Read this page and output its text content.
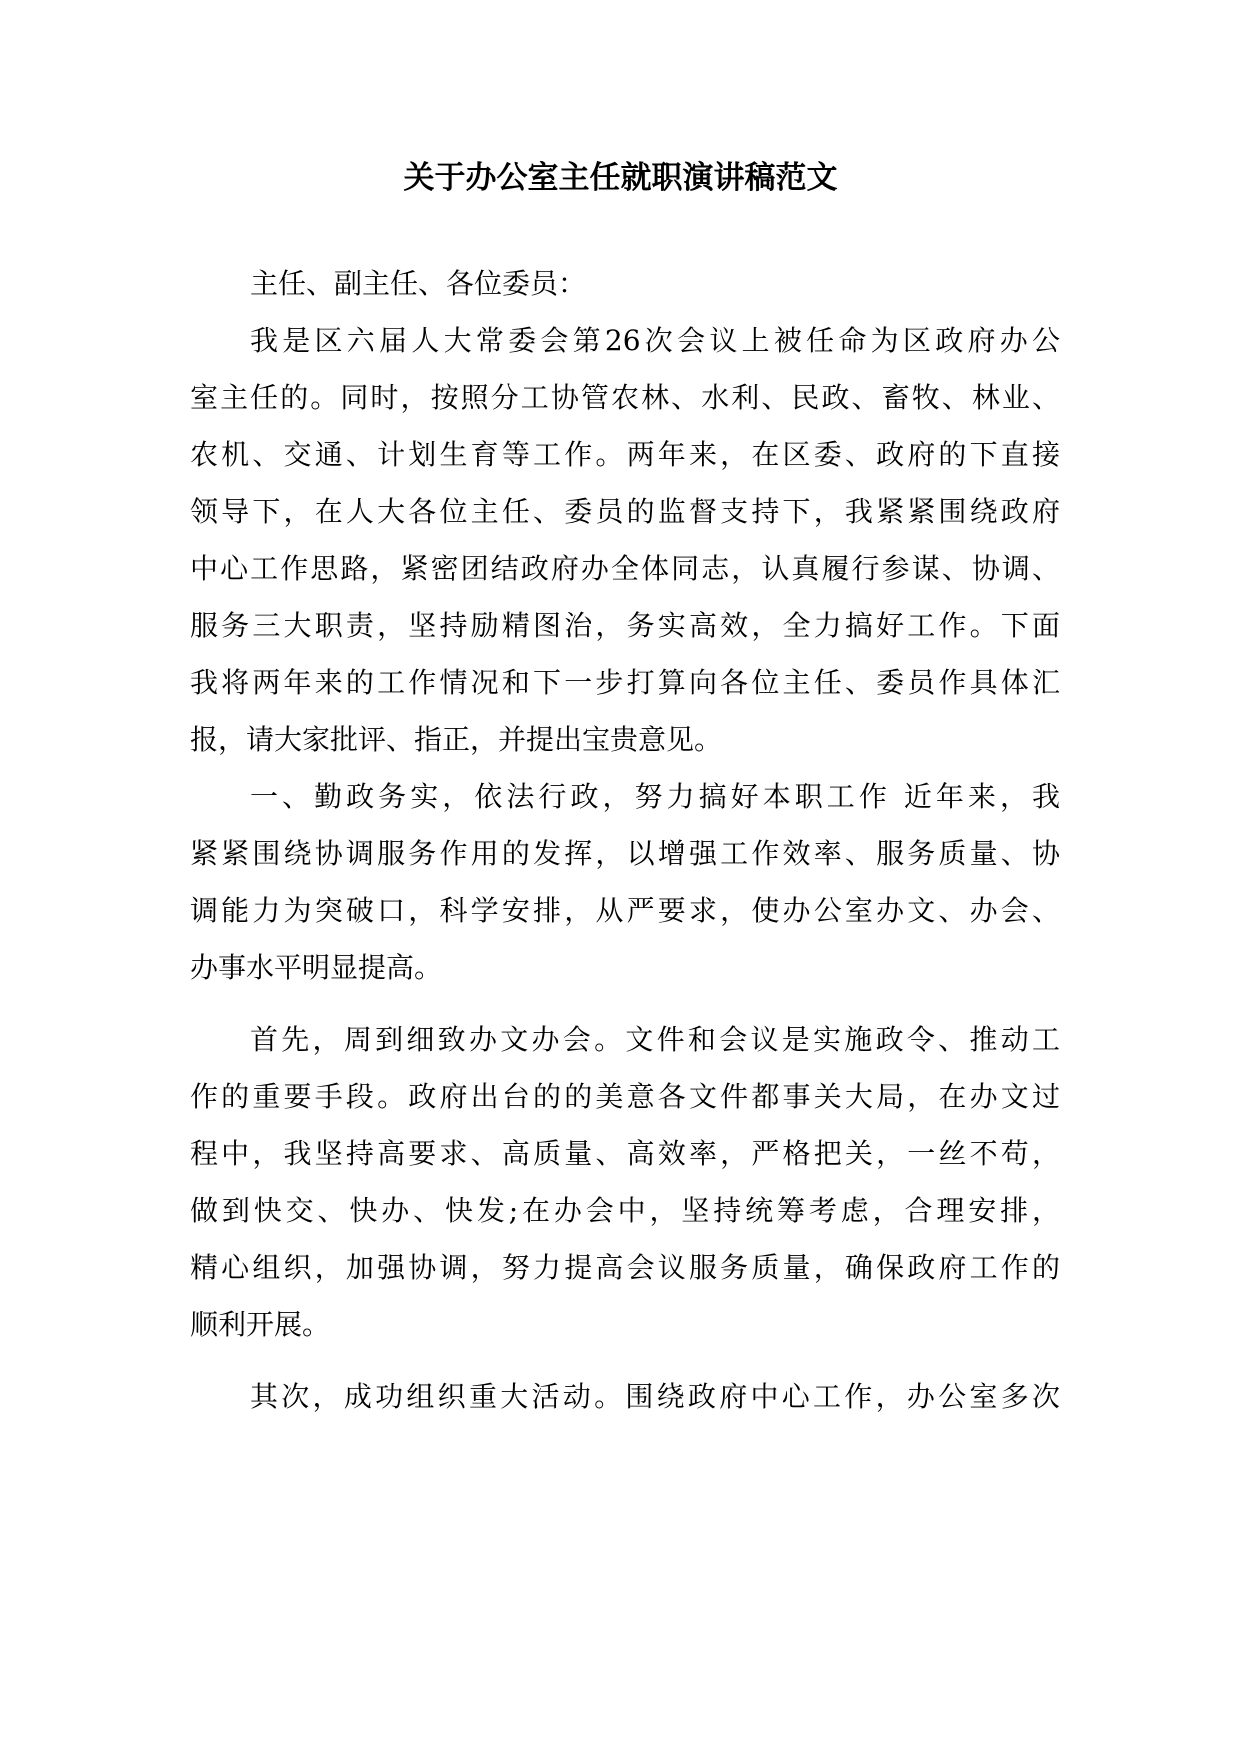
关于办公室主任就职演讲稿范文

主任、副主任、各位委员：

我是区六届人大常委会第26次会议上被任命为区政府办公

室主任的。同时，按照分工协管农林、水利、民政、畜牧、林业、

农机、交通、计划生育等工作。两年来，在区委、政府的下直接

领导下，在人大各位主任、委员的监督支持下，我紧紧围绕政府

中心工作思路，紧密团结政府办全体同志，认真履行参谋、协调、

服务三大职责，坚持励精图治，务实高效，全力搞好工作。下面

我将两年来的工作情况和下一步打算向各位主任、委员作具体汇

报，请大家批评、指正，并提出宝贵意见。

一、勤政务实，依法行政，努力搞好本职工作 近年来，我

紧紧围绕协调服务作用的发挥，以增强工作效率、服务质量、协

调能力为突破口，科学安排，从严要求，使办公室办文、办会、

办事水平明显提高。

首先，周到细致办文办会。文件和会议是实施政令、推动工

作的重要手段。政府出台的的美意各文件都事关大局，在办文过

程中，我坚持高要求、高质量、高效率，严格把关，一丝不苟，

做到快交、快办、快发;在办会中，坚持统筹考虑，合理安排，

精心组织，加强协调，努力提高会议服务质量，确保政府工作的

顺利开展。

其次，成功组织重大活动。围绕政府中心工作，办公室多次
